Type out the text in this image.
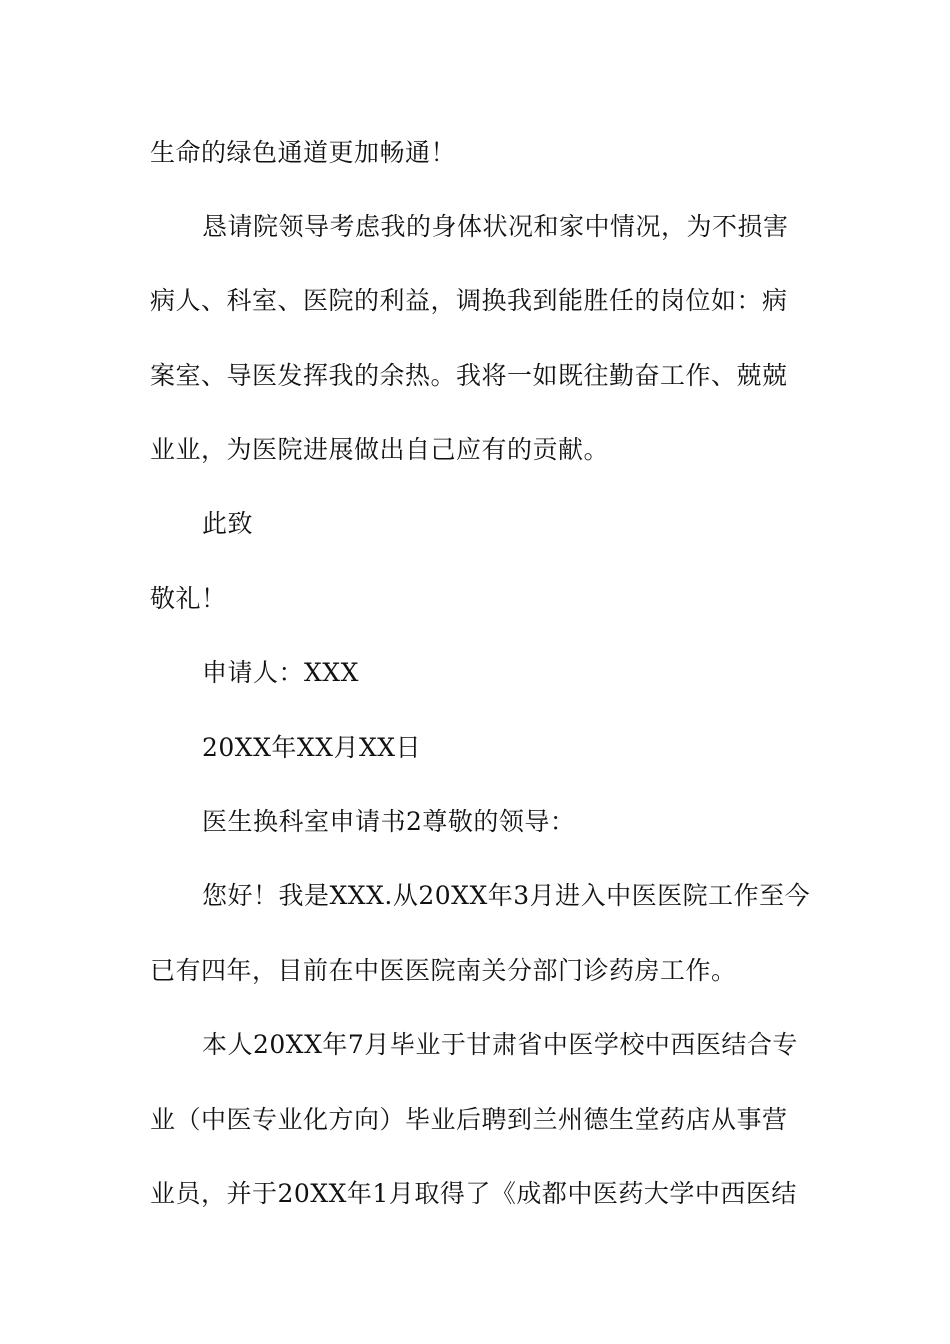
生命的绿色通道更加畅通！
恳请院领导考虑我的身体状况和家中情况，为不损害
病人、科室、医院的利益，调换我到能胜任的岗位如：病
案室、导医发挥我的余热。我将一如既往勤奋工作、兢兢
业业，为医院进展做出自己应有的贡献。
此致
敬礼！
申请人：XXX
20XX年XX月XX日
医生换科室申请书2尊敬的领导：
您好！我是XXX.从20XX年3月进入中医医院工作至今
已有四年，目前在中医医院南关分部门诊药房工作。
本人20XX年7月毕业于甘肃省中医学校中西医结合专
业（中医专业化方向）毕业后聘到兰州德生堂药店从事营
业员，并于20XX年1月取得了《成都中医药大学中西医结
